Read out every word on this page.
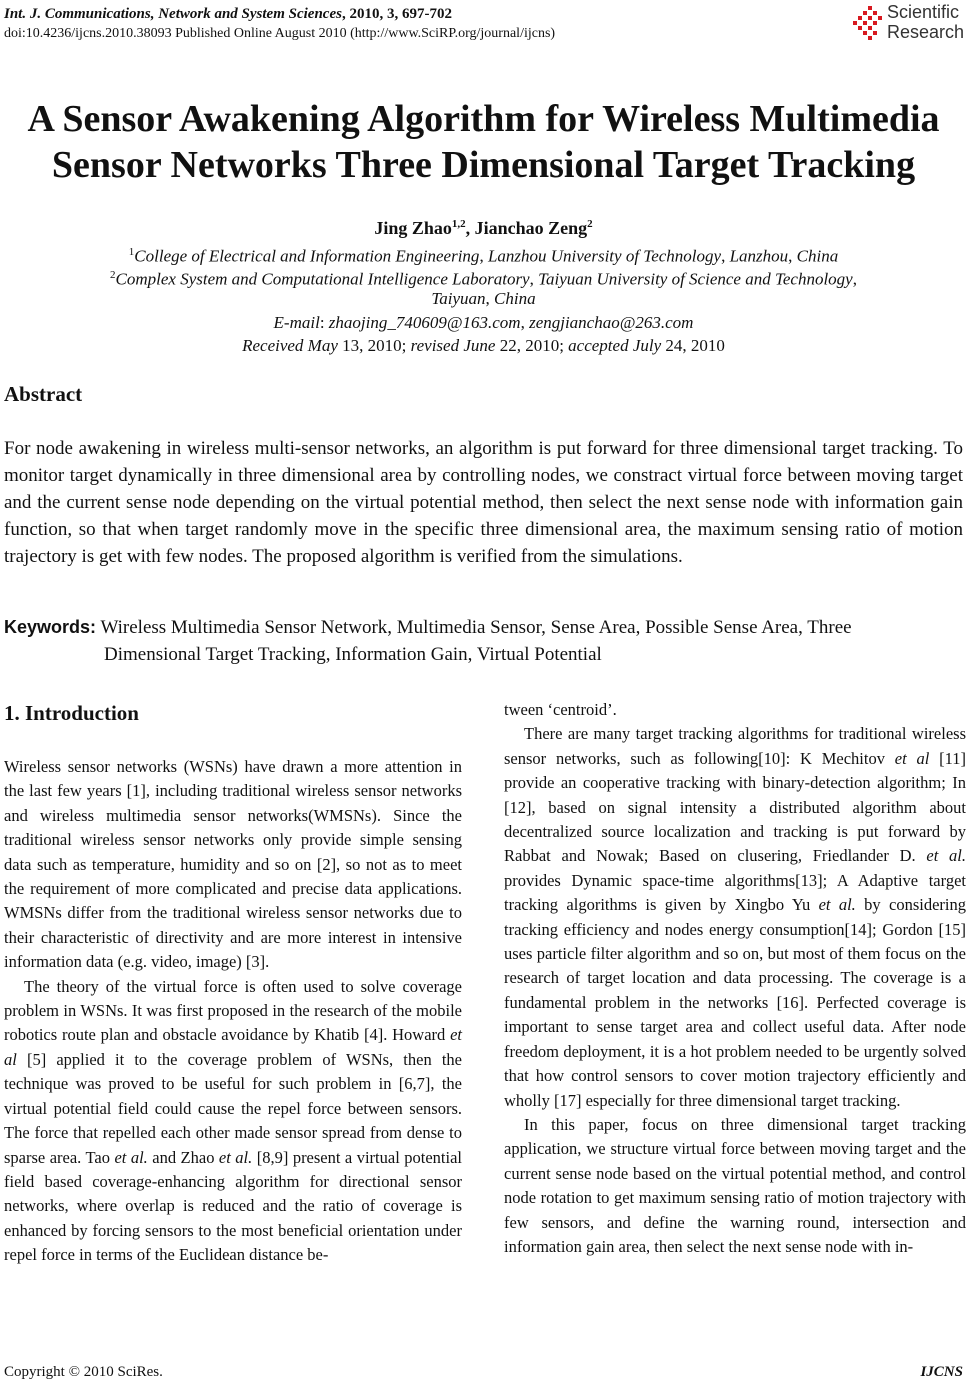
Int. J. Communications, Network and System Sciences, 2010, 3, 697-702
doi:10.4236/ijcns.2010.38093 Published Online August 2010 (http://www.SciRP.org/journal/ijcns)
Scientific
Research
A Sensor Awakening Algorithm for Wireless Multimedia
Sensor Networks Three Dimensional Target Tracking
Jing Zhao$^{1,2}$, Jianchao Zeng$^2$
$^1$College of Electrical and Information Engineering, Lanzhou University of Technology, Lanzhou, China
$^2$Complex System and Computational Intelligence Laboratory, Taiyuan University of Science and Technology,
Taiyuan, China
E-mail: zhaojing_740609@163.com, zengjianchao@263.com
Received May 13, 2010; revised June 22, 2010; accepted July 24, 2010
Abstract
For node awakening in wireless multi-sensor networks, an algorithm is put forward for three dimensional target tracking. To monitor target dynamically in three dimensional area by controlling nodes, we constract virtual force between moving target and the current sense node depending on the virtual potential method, then select the next sense node with information gain function, so that when target randomly move in the specific three dimensional area, the maximum sensing ratio of motion trajectory is get with few nodes. The proposed algorithm is verified from the simulations.
Keywords: Wireless Multimedia Sensor Network, Multimedia Sensor, Sense Area, Possible Sense Area, Three
Dimensional Target Tracking, Information Gain, Virtual Potential
1. Introduction

Wireless sensor networks (WSNs) have drawn a more attention in the last few years [1], including traditional wireless sensor networks and wireless multimedia sensor networks(WMSNs). Since the traditional wireless sensor networks only provide simple sensing data such as temperature, humidity and so on [2], so not as to meet the requirement of more complicated and precise data applications. WMSNs differ from the traditional wireless sensor networks due to their characteristic of directivity and are more interest in intensive information data (e.g. video, image) [3].

The theory of the virtual force is often used to solve coverage problem in WSNs. It was first proposed in the research of the mobile robotics route plan and obstacle avoidance by Khatib [4]. Howard et al [5] applied it to the coverage problem of WSNs, then the technique was proved to be useful for such problem in [6,7], the virtual potential field could cause the repel force between sensors. The force that repelled each other made sensor spread from dense to sparse area. Tao et al. and Zhao et al. [8,9] present a virtual potential field based coverage-enhancing algorithm for directional sensor networks, where overlap is reduced and the ratio of coverage is enhanced by forcing sensors to the most beneficial orientation under repel force in terms of the Euclidean distance be-

tween ‘centroid’.

There are many target tracking algorithms for traditional wireless sensor networks, such as following[10]: K Mechitov et al [11] provide an cooperative tracking with binary-detection algorithm; In [12], based on signal intensity a distributed algorithm about decentralized source localization and tracking is put forward by Rabbat and Nowak; Based on clusering, Friedlander D. et al. provides Dynamic space-time algorithms[13]; A Adaptive target tracking algorithms is given by Xingbo Yu et al. by considering tracking efficiency and nodes energy consumption[14]; Gordon [15] uses particle filter algorithm and so on, but most of them focus on the research of target location and data processing. The coverage is a fundamental problem in the networks [16]. Perfected coverage is important to sense target area and collect useful data. After node freedom deployment, it is a hot problem needed to be urgently solved that how control sensors to cover motion trajectory efficiently and wholly [17] especially for three dimensional target tracking.

In this paper, focus on three dimensional target tracking application, we structure virtual force between moving target and the current sense node based on the virtual potential method, and control node rotation to get maximum sensing ratio of motion trajectory with few sensors, and define the warning round, intersection and information gain area, then select the next sense node with in-

Copyright © 2010 SciRes.	IJCNS
